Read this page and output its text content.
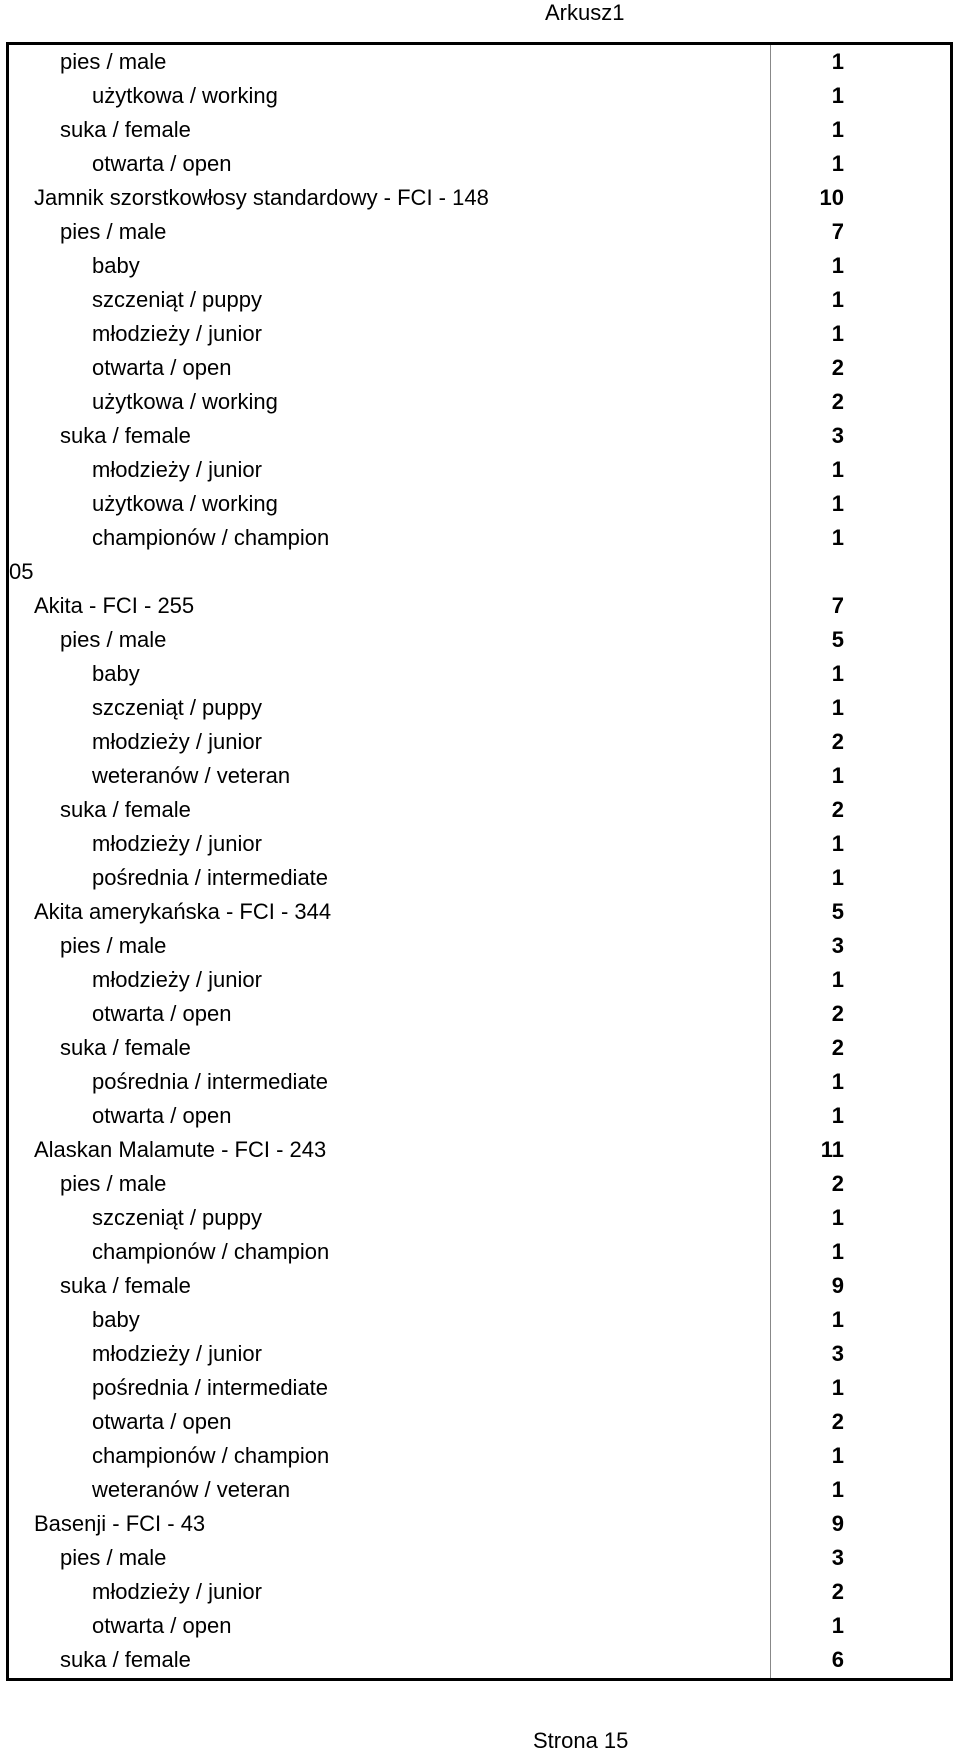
Arkusz1
pies / male	1
użytkowa / working	1
suka / female	1
otwarta / open	1
Jamnik szorstkowłosy standardowy - FCI - 148	10
pies / male	7
baby	1
szczeniąt / puppy	1
młodzieży / junior	1
otwarta / open	2
użytkowa / working	2
suka / female	3
młodzieży / junior	1
użytkowa / working	1
championów / champion	1
05
Akita - FCI - 255	7
pies / male	5
baby	1
szczeniąt / puppy	1
młodzieży / junior	2
weteranów / veteran	1
suka / female	2
młodzieży / junior	1
pośrednia / intermediate	1
Akita amerykańska - FCI - 344	5
pies / male	3
młodzieży / junior	1
otwarta / open	2
suka / female	2
pośrednia / intermediate	1
otwarta / open	1
Alaskan Malamute - FCI - 243	11
pies / male	2
szczeniąt / puppy	1
championów / champion	1
suka / female	9
baby	1
młodzieży / junior	3
pośrednia / intermediate	1
otwarta / open	2
championów / champion	1
weteranów / veteran	1
Basenji - FCI - 43	9
pies / male	3
młodzieży / junior	2
otwarta / open	1
suka / female	6
Strona 15
